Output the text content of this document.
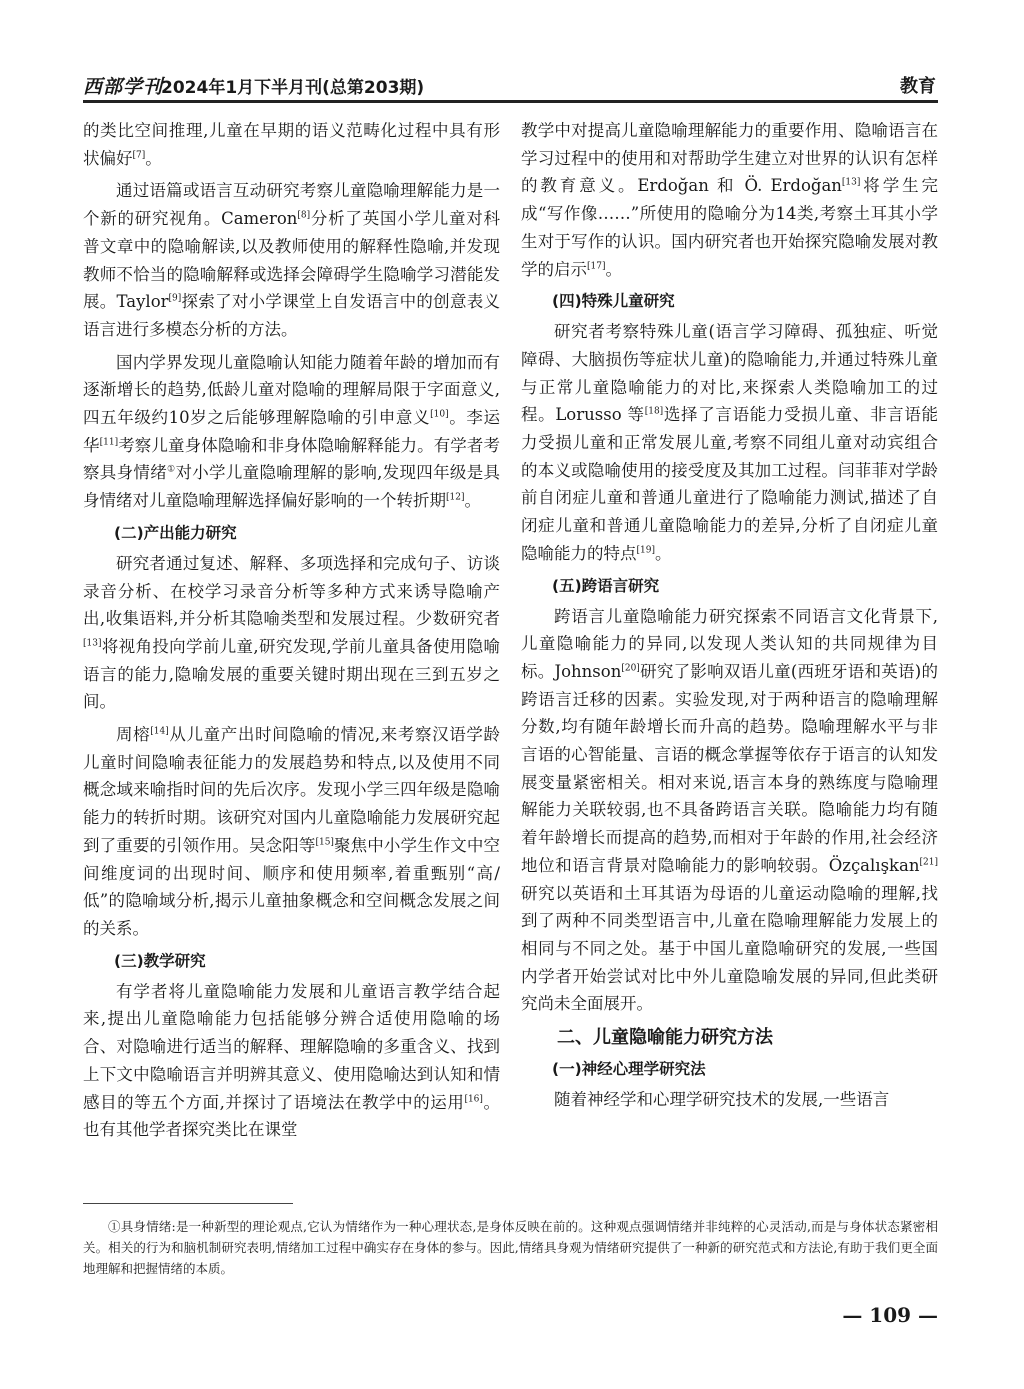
西部学刊
2024年1月下半月刊(总第203期)	教育

的类比空间推理,儿童在早期的语义范畴化过程中具有形状偏好[7]。

通过语篇或语言互动研究考察儿童隐喻理解能力是一个新的研究视角。Cameron[8]分析了英国小学儿童对科普文章中的隐喻解读,以及教师使用的解释性隐喻,并发现教师不恰当的隐喻解释或选择会障碍学生隐喻学习潜能发展。Taylor[9]探索了对小学课堂上自发语言中的创意表义语言进行多模态分析的方法。

国内学界发现儿童隐喻认知能力随着年龄的增加而有逐渐增长的趋势,低龄儿童对隐喻的理解局限于字面意义,四五年级约10岁之后能够理解隐喻的引申意义[10]。李运华[11]考察儿童身体隐喻和非身体隐喻解释能力。有学者考察具身情绪①对小学儿童隐喻理解的影响,发现四年级是具身情绪对儿童隐喻理解选择偏好影响的一个转折期[12]。

(二)产出能力研究

研究者通过复述、解释、多项选择和完成句子、访谈录音分析、在校学习录音分析等多种方式来诱导隐喻产出,收集语料,并分析其隐喻类型和发展过程。少数研究者[13]将视角投向学前儿童,研究发现,学前儿童具备使用隐喻语言的能力,隐喻发展的重要关键时期出现在三到五岁之间。

周榕[14]从儿童产出时间隐喻的情况,来考察汉语学龄儿童时间隐喻表征能力的发展趋势和特点,以及使用不同概念域来喻指时间的先后次序。发现小学三四年级是隐喻能力的转折时期。该研究对国内儿童隐喻能力发展研究起到了重要的引领作用。吴念阳等[15]聚焦中小学生作文中空间维度词的出现时间、顺序和使用频率,着重甄别“高/低”的隐喻域分析,揭示儿童抽象概念和空间概念发展之间的关系。

(三)教学研究

有学者将儿童隐喻能力发展和儿童语言教学结合起来,提出儿童隐喻能力包括能够分辨合适使用隐喻的场合、对隐喻进行适当的解释、理解隐喻的多重含义、找到上下文中隐喻语言并明辨其意义、使用隐喻达到认知和情感目的等五个方面,并探讨了语境法在教学中的运用[16]。也有其他学者探究类比在课堂

教学中对提高儿童隐喻理解能力的重要作用、隐喻语言在学习过程中的使用和对帮助学生建立对世界的认识有怎样的教育意义。Erdoğan 和 Ö. Erdoğan[13]将学生完成“写作像……”所使用的隐喻分为14类,考察土耳其小学生对于写作的认识。国内研究者也开始探究隐喻发展对教学的启示[17]。

(四)特殊儿童研究

研究者考察特殊儿童(语言学习障碍、孤独症、听觉障碍、大脑损伤等症状儿童)的隐喻能力,并通过特殊儿童与正常儿童隐喻能力的对比,来探索人类隐喻加工的过程。Lorusso 等[18]选择了言语能力受损儿童、非言语能力受损儿童和正常发展儿童,考察不同组儿童对动宾组合的本义或隐喻使用的接受度及其加工过程。闫菲菲对学龄前自闭症儿童和普通儿童进行了隐喻能力测试,描述了自闭症儿童和普通儿童隐喻能力的差异,分析了自闭症儿童隐喻能力的特点[19]。

(五)跨语言研究

跨语言儿童隐喻能力研究探索不同语言文化背景下,儿童隐喻能力的异同,以发现人类认知的共同规律为目标。Johnson[20]研究了影响双语儿童(西班牙语和英语)的跨语言迁移的因素。实验发现,对于两种语言的隐喻理解分数,均有随年龄增长而升高的趋势。隐喻理解水平与非言语的心智能量、言语的概念掌握等依存于语言的认知发展变量紧密相关。相对来说,语言本身的熟练度与隐喻理解能力关联较弱,也不具备跨语言关联。隐喻能力均有随着年龄增长而提高的趋势,而相对于年龄的作用,社会经济地位和语言背景对隐喻能力的影响较弱。Özçalışkan[21]研究以英语和土耳其语为母语的儿童运动隐喻的理解,找到了两种不同类型语言中,儿童在隐喻理解能力发展上的相同与不同之处。基于中国儿童隐喻研究的发展,一些国内学者开始尝试对比中外儿童隐喻发展的异同,但此类研究尚未全面展开。

二、儿童隐喻能力研究方法
(一)神经心理学研究法

随着神经学和心理学研究技术的发展,一些语言

①具身情绪:是一种新型的理论观点,它认为情绪作为一种心理状态,是身体反映在前的。这种观点强调情绪并非纯粹的心灵活动,而是与身体状态紧密相关。相关的行为和脑机制研究表明,情绪加工过程中确实存在身体的参与。因此,情绪具身观为情绪研究提供了一种新的研究范式和方法论,有助于我们更全面地理解和把握情绪的本质。
— 109 —
